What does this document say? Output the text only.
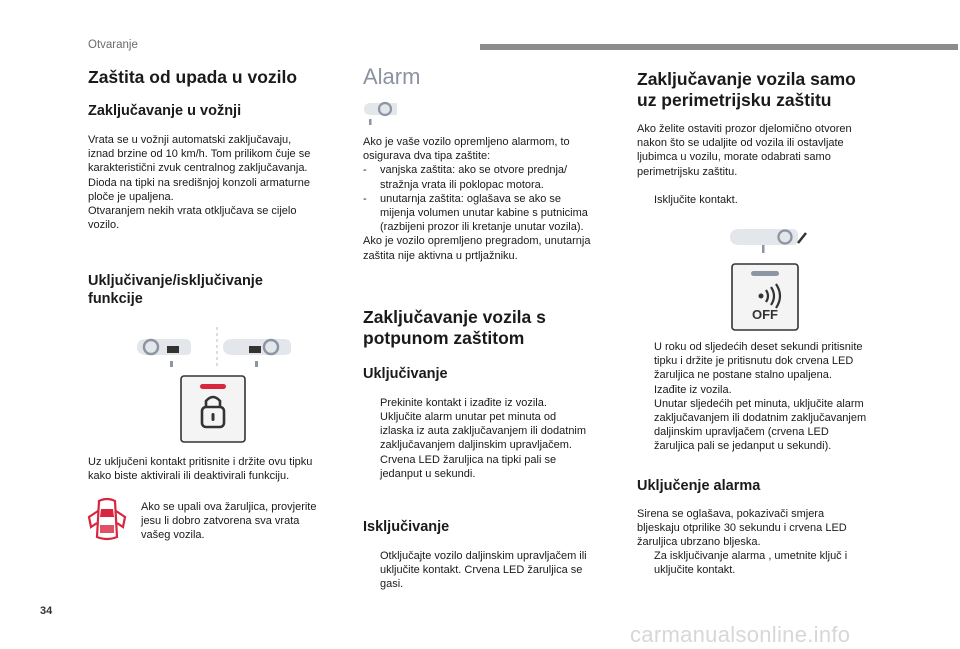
Otvaranje
Zaštita od upada u vozilo
Zaključavanje u vožnji

Vrata se u vožnji automatski zaključavaju,
iznad brzine od 10 km/h. Tom prilikom čuje se
karakteristični zvuk centralnog zaključavanja.
Dioda na tipki na središnjoj konzoli armaturne
ploče je upaljena.
Otvaranjem nekih vrata otključava se cijelo
vozilo.

Uključivanje/isključivanje
funkcije

Uz uključeni kontakt pritisnite i držite ovu tipku
kako biste aktivirali ili deaktivirali funkciju.

Ako se upali ova žaruljica, provjerite
jesu li dobro zatvorena sva vrata
vašeg vozila.

Alarm

Ako je vaše vozilo opremljeno alarmom, to
osigurava dva tipa zaštite:

- vanjska zaštita: ako se otvore prednja/
stražnja vrata ili poklopac motora.
- unutarnja zaštita: oglašava se ako se
mijenja volumen unutar kabine s putnicima
(razbijeni prozor ili kretanje unutar vozila).

Ako je vozilo opremljeno pregradom, unutarnja
zaštita nije aktivna u prtljažniku.

Zaključavanje vozila s
potpunom zaštitom
Uključivanje
Prekinite kontakt i izađite iz vozila.
Uključite alarm unutar pet minuta od
izlaska iz auta zaključavanjem ili dodatnim
zaključavanjem daljinskim upravljačem.
Crvena LED žaruljica na tipki pali se
jedanput u sekundi.
Isključivanje
Otključajte vozilo daljinskim upravljačem ili
uključite kontakt. Crvena LED žaruljica se
gasi.
Zaključavanje vozila samo
uz perimetrijsku zaštitu

Ako želite ostaviti prozor djelomično otvoren
nakon što se udaljite od vozila ili ostavljate
ljubimca u vozilu, morate odabrati samo
perimetrijsku zaštitu.

Isključite kontakt.
OFF
U roku od sljedećih deset sekundi pritisnite
tipku i držite je pritisnutu dok crvena LED
žaruljica ne postane stalno upaljena.
Izađite iz vozila.
Unutar sljedećih pet minuta, uključite alarm
zaključavanjem ili dodatnim zaključavanjem
daljinskim upravljačem (crvena LED
žaruljica pali se jedanput u sekundi).
Uključenje alarma

Sirena se oglašava, pokazivači smjera
bljeskaju otprilike 30 sekundu i crvena LED
žaruljica ubrzano bljeska.

Za isključivanje alarma , umetnite ključ i
uključite kontakt.
34
carmanualsonline.info
